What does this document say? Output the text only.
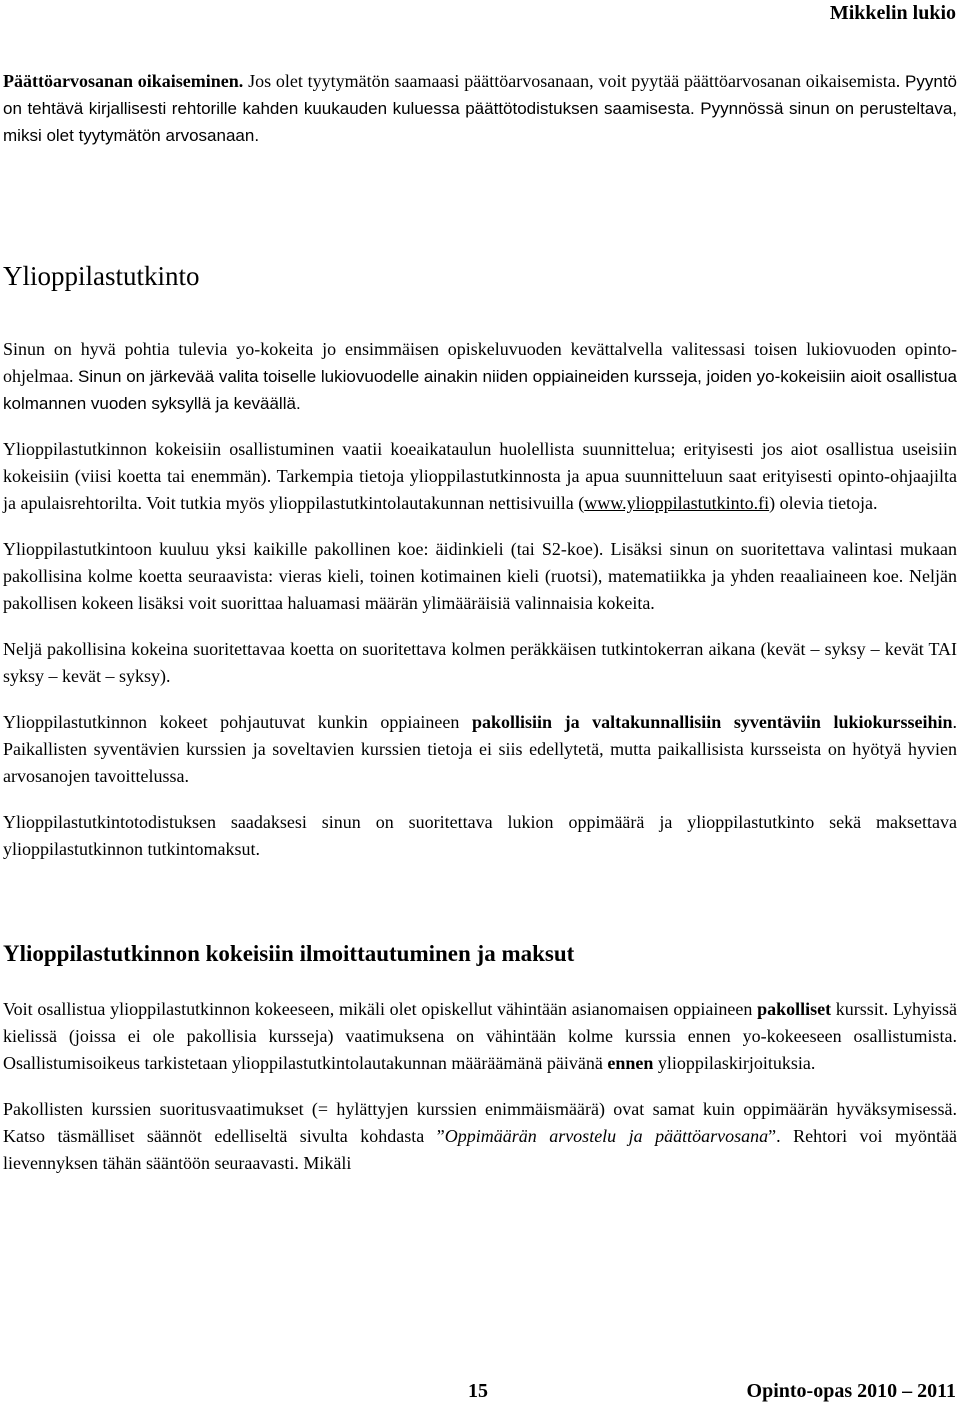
Mikkelin lukio

Päättöarvosanan oikaiseminen. Jos olet tyytymätön saamaasi päättöarvosanaan, voit pyytää päättöarvosanan oikaisemista. Pyyntö on tehtävä kirjallisesti rehtorille kahden kuukauden kuluessa päättötodistuksen saamisesta. Pyynnössä sinun on perusteltava, miksi olet tyytymätön arvosanaan.

Ylioppilastutkinto

Sinun on hyvä pohtia tulevia yo-kokeita jo ensimmäisen opiskeluvuoden kevättalvella valitessasi toisen lukiovuoden opinto-ohjelmaa. Sinun on järkevää valita toiselle lukiovuodelle ainakin niiden oppiaineiden kursseja, joiden yo-kokeisiin aioit osallistua kolmannen vuoden syksyllä ja keväällä.

Ylioppilastutkinnon kokeisiin osallistuminen vaatii koeaikataulun huolellista suunnittelua; erityisesti jos aiot osallistua useisiin kokeisiin (viisi koetta tai enemmän). Tarkempia tietoja ylioppilastutkinnosta ja apua suunnitteluun saat erityisesti opinto-ohjaajilta ja apulaisrehtorilta. Voit tutkia myös ylioppilastutkintolautakunnan nettisivuilla (www.ylioppilastutkinto.fi) olevia tietoja.

Ylioppilastutkintoon kuuluu yksi kaikille pakollinen koe: äidinkieli (tai S2-koe). Lisäksi sinun on suoritettava valintasi mukaan pakollisina kolme koetta seuraavista: vieras kieli, toinen kotimainen kieli (ruotsi), matematiikka ja yhden reaaliaineen koe. Neljän pakollisen kokeen lisäksi voit suorittaa haluamasi määrän ylimääräisiä valinnaisia kokeita.

Neljä pakollisina kokeina suoritettavaa koetta on suoritettava kolmen peräkkäisen tutkintokerran aikana (kevät – syksy – kevät TAI syksy – kevät – syksy).

Ylioppilastutkinnon kokeet pohjautuvat kunkin oppiaineen pakollisiin ja valtakunnallisiin syventäviin lukiokursseihin. Paikallisten syventävien kurssien ja soveltavien kurssien tietoja ei siis edellytetä, mutta paikallisista kursseista on hyötyä hyvien arvosanojen tavoittelussa.

Ylioppilastutkintotodistuksen saadaksesi sinun on suoritettava lukion oppimäärä ja ylioppilastutkinto sekä maksettava ylioppilastutkinnon tutkintomaksut.

Ylioppilastutkinnon kokeisiin ilmoittautuminen ja maksut

Voit osallistua ylioppilastutkinnon kokeeseen, mikäli olet opiskellut vähintään asianomaisen oppiaineen pakolliset kurssit. Lyhyissä kielissä (joissa ei ole pakollisia kursseja) vaatimuksena on vähintään kolme kurssia ennen yo-kokeeseen osallistumista. Osallistumisoikeus tarkistetaan ylioppilastutkintolautakunnan määräämänä päivänä ennen ylioppilaskirjoituksia.

Pakollisten kurssien suoritusvaatimukset (= hylättyjen kurssien enimmäismäärä) ovat samat kuin oppimäärän hyväksymisessä. Katso täsmälliset säännöt edelliseltä sivulta kohdasta ”Oppimäärän arvostelu ja päättöarvosana”. Rehtori voi myöntää lievennyksen tähän sääntöön seuraavasti. Mikäli

15	Opinto-opas 2010 – 2011
